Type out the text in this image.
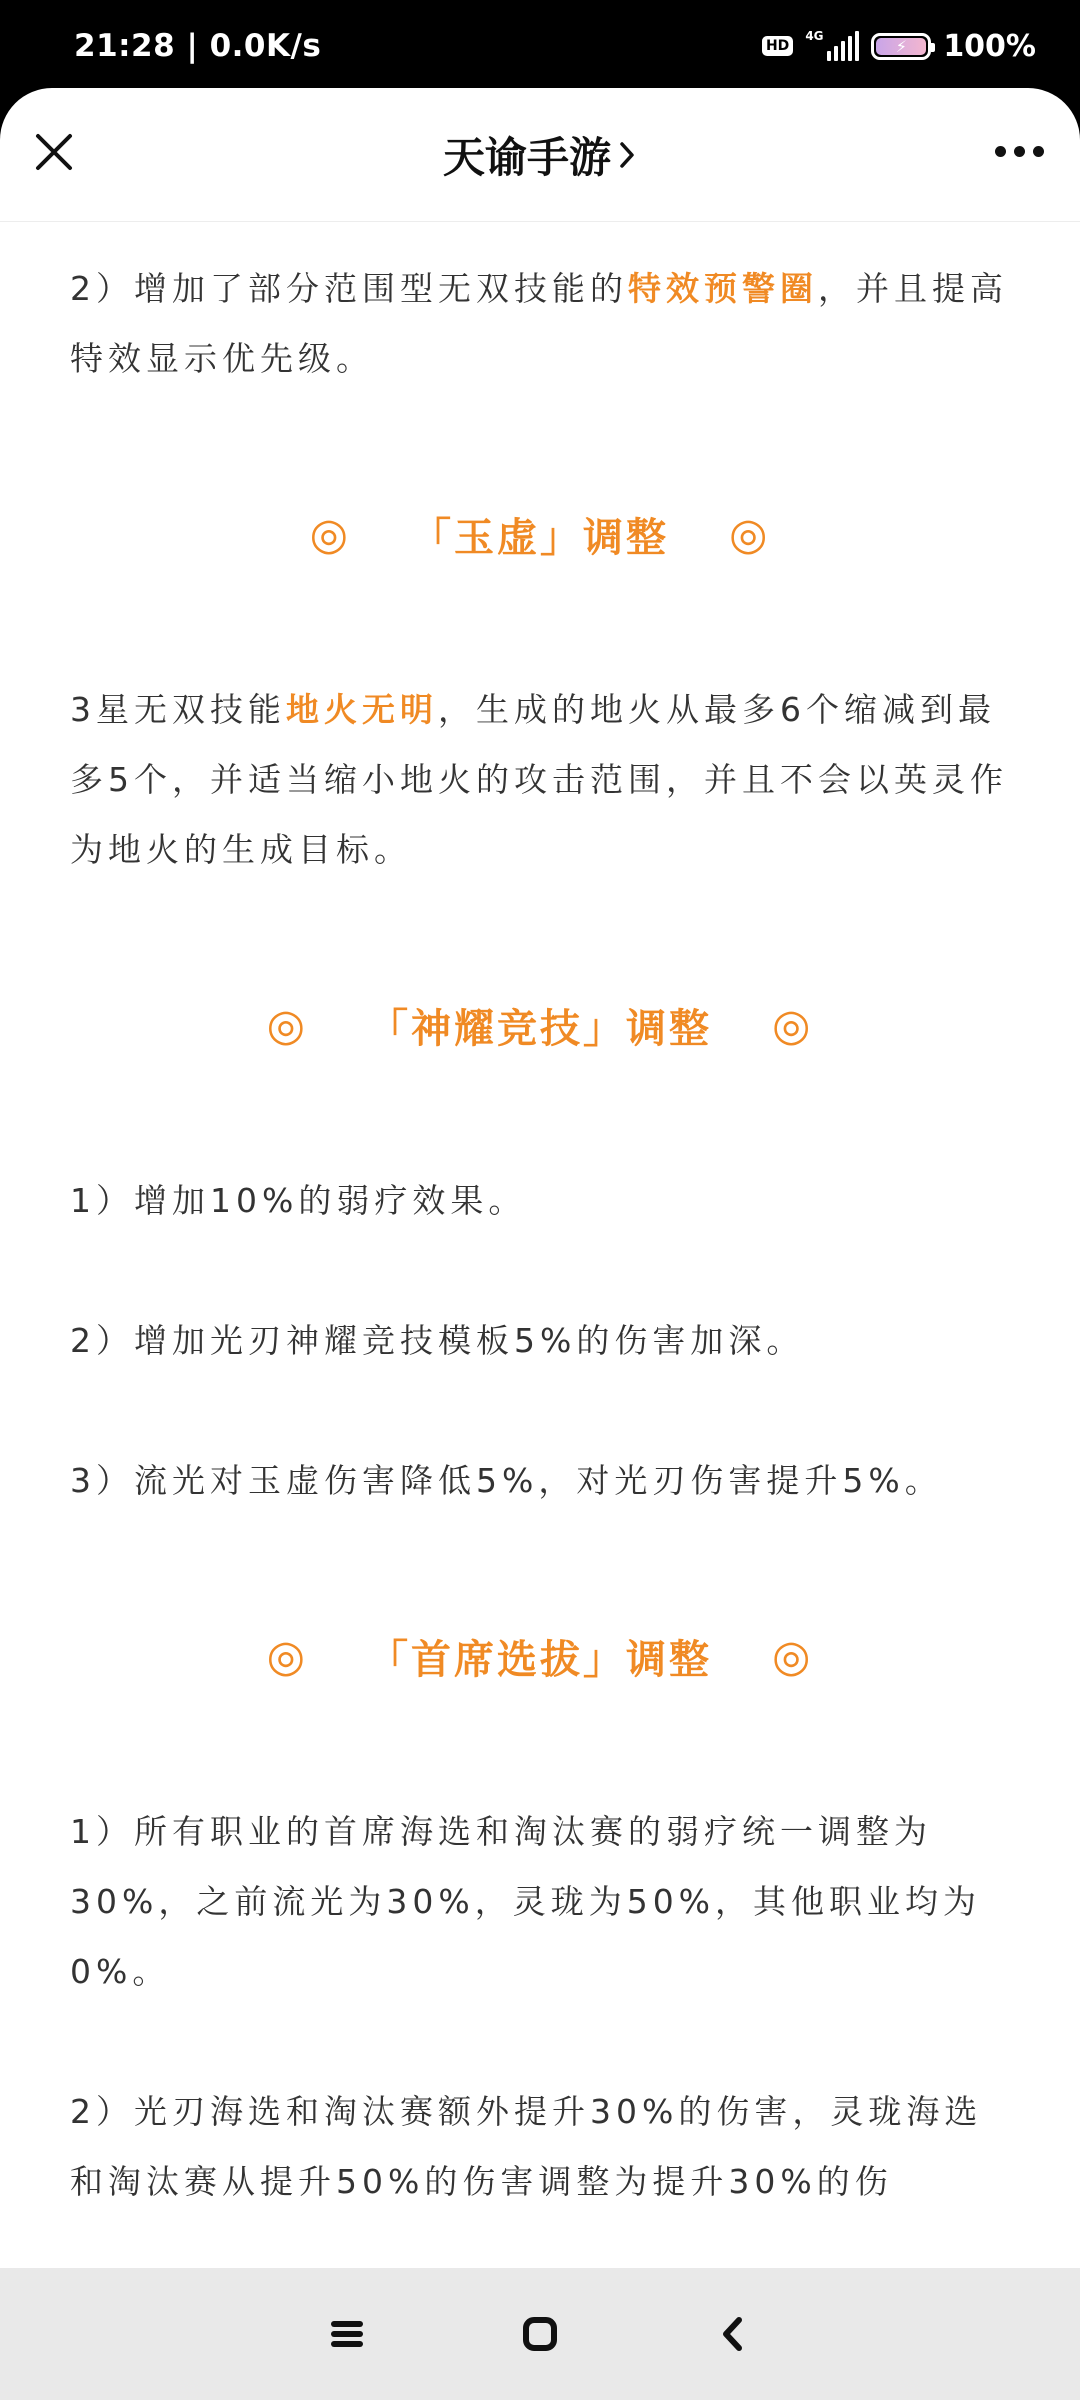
21:28 | 0.0K/s	HD
4G
⚡ 100%
天谕手游

2）增加了部分范围型无双技能的特效预警圈，并且提高特效显示优先级。

◎ 「玉虚」调整 ◎

3星无双技能地火无明，生成的地火从最多6个缩减到最多5个，并适当缩小地火的攻击范围，并且不会以英灵作为地火的生成目标。

◎ 「神耀竞技」调整 ◎

1）增加10%的弱疗效果。

2）增加光刃神耀竞技模板5%的伤害加深。

3）流光对玉虚伤害降低5%，对光刃伤害提升5%。

◎ 「首席选拔」调整 ◎

1）所有职业的首席海选和淘汰赛的弱疗统一调整为30%，之前流光为30%，灵珑为50%，其他职业均为0%。

2）光刃海选和淘汰赛额外提升30%的伤害，灵珑海选和淘汰赛从提升50%的伤害调整为提升30%的伤
